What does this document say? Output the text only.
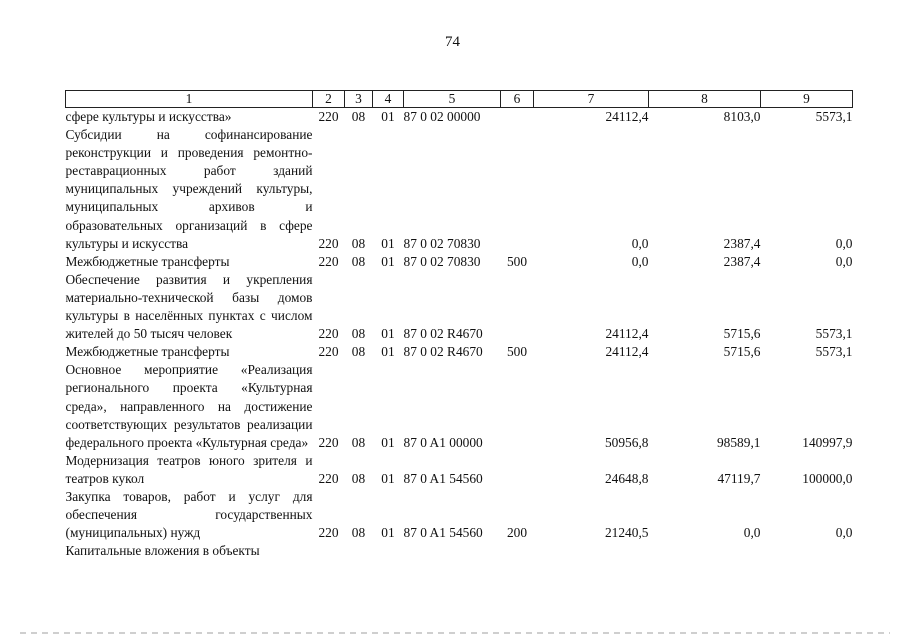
74
1	2	3	4	5	6	7	8	9
сфере культуры и искусства»	220	08	01	87 0 02 00000		24112,4	8103,0	5573,1
Субсидии на софинансирование реконструкции и проведения ремонтно-реставрационных работ зданий муниципальных учреждений культуры, муниципальных архивов и образовательных организаций в сфере культуры и искусства	220	08	01	87 0 02 70830		0,0	2387,4	0,0
Межбюджетные трансферты	220	08	01	87 0 02 70830	500	0,0	2387,4	0,0
Обеспечение развития и укрепления материально-технической базы домов культуры в населённых пунктах с числом жителей до 50 тысяч человек	220	08	01	87 0 02 R4670		24112,4	5715,6	5573,1
Межбюджетные трансферты	220	08	01	87 0 02 R4670	500	24112,4	5715,6	5573,1
Основное мероприятие «Реализация регионального проекта «Культурная среда», направленного на достижение соответствующих результатов реализации федерального проекта «Культурная среда»	220	08	01	87 0 A1 00000		50956,8	98589,1	140997,9
Модернизация театров юного зрителя и театров кукол	220	08	01	87 0 A1 54560		24648,8	47119,7	100000,0
Закупка товаров, работ и услуг для обеспечения государственных (муниципальных) нужд	220	08	01	87 0 A1 54560	200	21240,5	0,0	0,0
Капитальные вложения в объекты								
